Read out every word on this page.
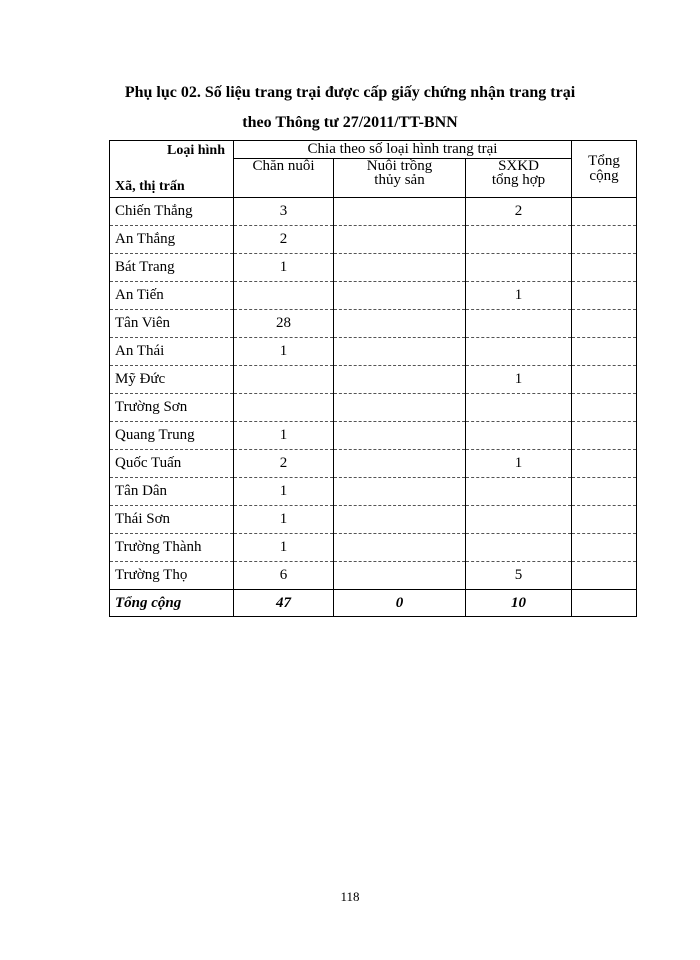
Phụ lục 02. Số liệu trang trại được cấp giấy chứng nhận trang trại
theo Thông tư 27/2011/TT-BNN
Loại hình
Xã, thị trấn	Chia theo số loại hình trang trại			Tổng cộng
	Chăn nuôi	Nuôi trồng thủy sản	SXKD tổng hợp	
Chiến Thắng	3		2	
An Thắng	2			
Bát Trang	1			
An Tiến			1	
Tân Viên	28			
An Thái	1			
Mỹ Đức			1	
Trường Sơn				
Quang Trung	1			
Quốc Tuấn	2		1	
Tân Dân	1			
Thái Sơn	1			
Trường Thành	1			
Trường Thọ	6		5	
Tổng cộng	47	0	10	
118
